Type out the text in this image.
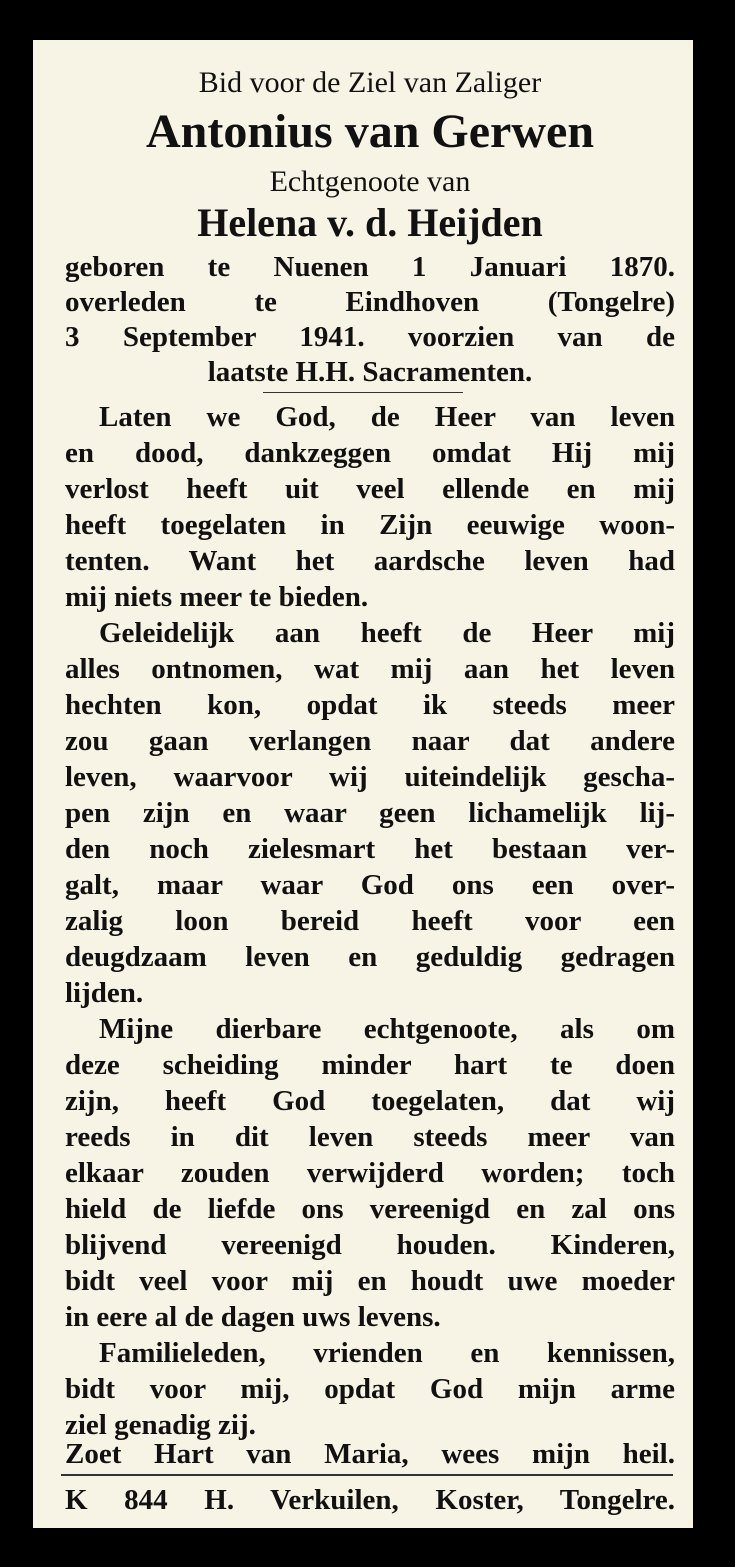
Bid voor de Ziel van Zaliger
Antonius van Gerwen
Echtgenoote van
Helena v. d. Heijden
geboren te Nuenen 1 Januari 1870.
overleden te Eindhoven (Tongelre)
3 September 1941. voorzien van de
laatste H.H. Sacramenten.
Laten we God, de Heer van leven
en dood, dankzeggen omdat Hij mij
verlost heeft uit veel ellende en mij
heeft toegelaten in Zijn eeuwige woon-
tenten. Want het aardsche leven had
mij niets meer te bieden.
Geleidelijk aan heeft de Heer mij
alles ontnomen, wat mij aan het leven
hechten kon, opdat ik steeds meer
zou gaan verlangen naar dat andere
leven, waarvoor wij uiteindelijk gescha-
pen zijn en waar geen lichamelijk lij-
den noch zielesmart het bestaan ver-
galt, maar waar God ons een over-
zalig loon bereid heeft voor een
deugdzaam leven en geduldig gedragen
lijden.
Mijne dierbare echtgenoote, als om
deze scheiding minder hart te doen
zijn, heeft God toegelaten, dat wij
reeds in dit leven steeds meer van
elkaar zouden verwijderd worden; toch
hield de liefde ons vereenigd en zal ons
blijvend vereenigd houden. Kinderen,
bidt veel voor mij en houdt uwe moeder
in eere al de dagen uws levens.
Familieleden, vrienden en kennissen,
bidt voor mij, opdat God mijn arme
ziel genadig zij.
Zoet Hart van Maria, wees mijn heil.
K 844 H. Verkuilen, Koster, Tongelre.
